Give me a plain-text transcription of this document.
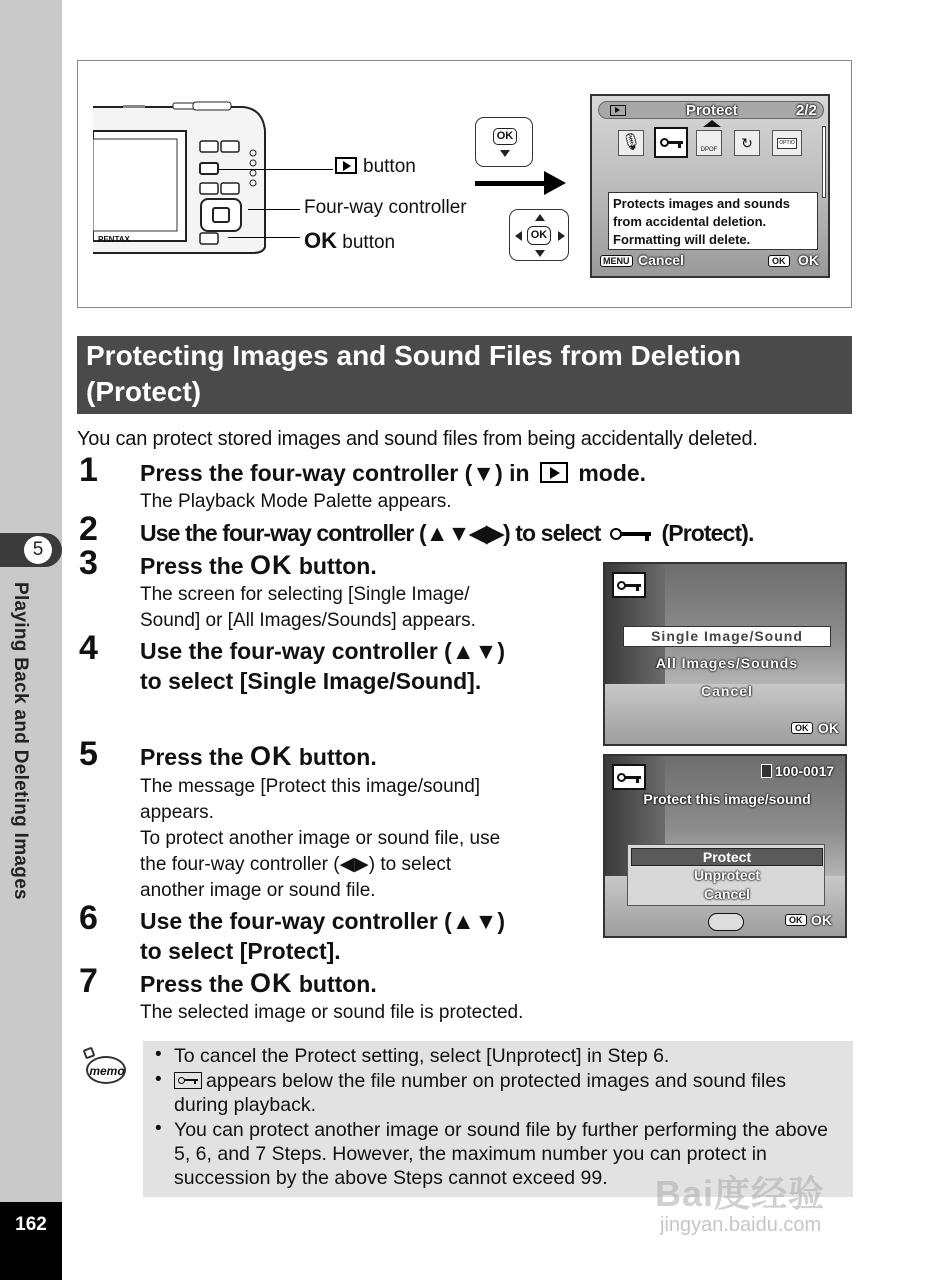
5
Playing Back and Deleting Images
162
PENTAX
button
Four-way controller
OK button
OK
OK
Protect	2/2
🎙	DPOF	↻	OPTIO
Protects images and sounds
from accidental deletion.
Formatting will delete.
MENU Cancel	OK OK
Protecting Images and Sound Files from Deletion (Protect)
You can protect stored images and sound files from being accidentally deleted.
1 Press the four-way controller (▼) in mode.
The Playback Mode Palette appears.
2 Use the four-way controller (▲▼◀▶) to select	(Protect).
3 Press the OK button.
The screen for selecting [Single Image/
Sound] or [All Images/Sounds] appears.
4 Use the four-way controller (▲▼)
to select [Single Image/Sound].
5 Press the OK button.
The message [Protect this image/sound]
appears.
To protect another image or sound file, use
the four-way controller (◀▶) to select
another image or sound file.
6 Use the four-way controller (▲▼)
to select [Protect].
7 Press the OK button.
The selected image or sound file is protected.
Single Image/Sound
All Images/Sounds
Cancel
OK OK
100-0017
Protect this image/sound
Protect
Unprotect
Cancel
OK OK
memo
• To cancel the Protect setting, select [Unprotect] in Step 6.
•	appears below the file number on protected images and sound files during playback.
• You can protect another image or sound file by further performing the above 5, 6, and 7 Steps. However, the maximum number you can protect in succession by the above Steps cannot exceed 99.	Bai度经验
jingyan.baidu.com
